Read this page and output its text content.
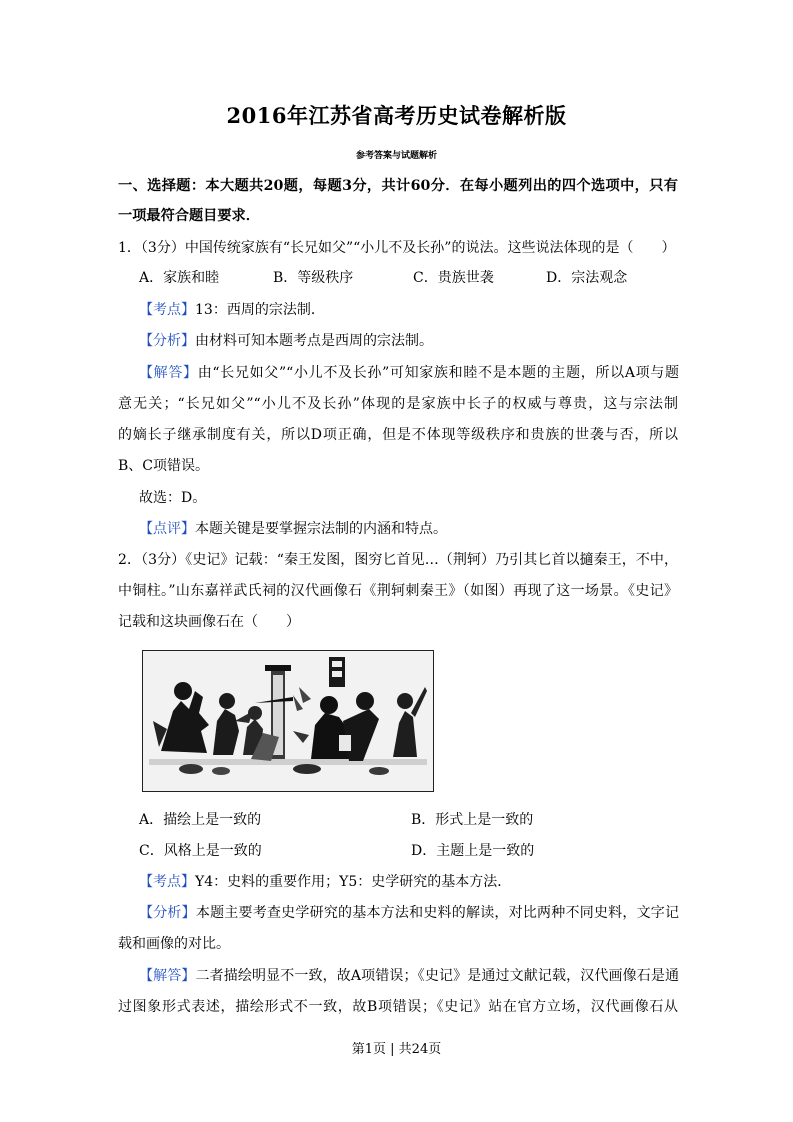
2016年江苏省高考历史试卷解析版
参考答案与试题解析
一、选择题：本大题共20题，每题3分，共计60分．在每小题列出的四个选项中，只有
一项最符合题目要求．
1．（3分）中国传统家族有“长兄如父”“小儿不及长孙”的说法。这些说法体现的是（　　）
A．家族和睦	B．等级秩序	C．贵族世袭	D．宗法观念
【考点】13：西周的宗法制．
【分析】由材料可知本题考点是西周的宗法制。
【解答】由“长兄如父”“小儿不及长孙”可知家族和睦不是本题的主题，所以A项与题
意无关；“长兄如父”“小儿不及长孙”体现的是家族中长子的权威与尊贵，这与宗法制
的嫡长子继承制度有关，所以D项正确，但是不体现等级秩序和贵族的世袭与否，所以
B、C项错误。
故选：D。
【点评】本题关键是要掌握宗法制的内涵和特点。
2．（3分）《史记》记载：“秦王发图，图穷匕首见…（荆轲）乃引其匕首以擿秦王，不中，
中铜柱。”山东嘉祥武氏祠的汉代画像石《荆轲刺秦王》（如图）再现了这一场景。《史记》
记载和这块画像石在（　　）
A．描绘上是一致的	B．形式上是一致的
C．风格上是一致的	D．主题上是一致的
【考点】Y4：史料的重要作用；Y5：史学研究的基本方法．
【分析】本题主要考查史学研究的基本方法和史料的解读，对比两种不同史料，文字记
载和画像的对比。
【解答】二者描绘明显不一致，故A项错误；《史记》是通过文献记载，汉代画像石是通
过图象形式表述，描绘形式不一致，故B项错误；《史记》站在官方立场，汉代画像石从
第1页 | 共24页
